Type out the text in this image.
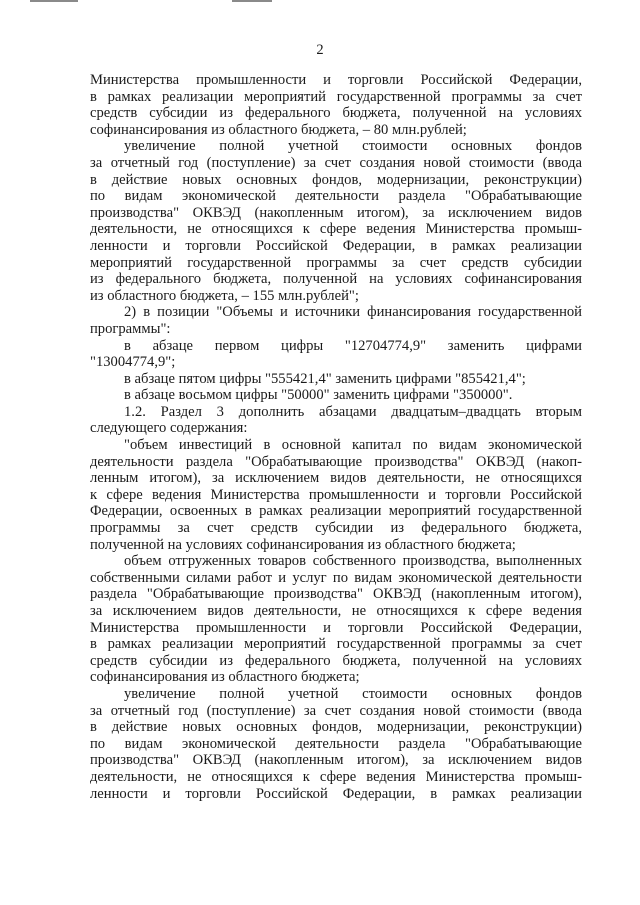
2
Министерства промышленности и торговли Российской Федерации,
в рамках реализации мероприятий государственной программы за счет
средств субсидии из федерального бюджета, полученной на условиях
софинансирования из областного бюджета, – 80 млн.рублей;
увеличение полной учетной стоимости основных фондов
за отчетный год (поступление) за счет создания новой стоимости (ввода
в действие новых основных фондов, модернизации, реконструкции)
по видам экономической деятельности раздела "Обрабатывающие
производства" ОКВЭД (накопленным итогом), за исключением видов
деятельности, не относящихся к сфере ведения Министерства промыш-
ленности и торговли Российской Федерации, в рамках реализации
мероприятий государственной программы за счет средств субсидии
из федерального бюджета, полученной на условиях софинансирования
из областного бюджета, – 155 млн.рублей";
2) в позиции "Объемы и источники финансирования государственной
программы":
в абзаце первом цифры "12704774,9" заменить цифрами
"13004774,9";
в абзаце пятом цифры "555421,4" заменить цифрами "855421,4";
в абзаце восьмом цифры "50000" заменить цифрами "350000".
1.2. Раздел 3 дополнить абзацами двадцатым–двадцать вторым
следующего содержания:
"объем инвестиций в основной капитал по видам экономической
деятельности раздела "Обрабатывающие производства" ОКВЭД (накоп-
ленным итогом), за исключением видов деятельности, не относящихся
к сфере ведения Министерства промышленности и торговли Российской
Федерации, освоенных в рамках реализации мероприятий государственной
программы за счет средств субсидии из федерального бюджета,
полученной на условиях софинансирования из областного бюджета;
объем отгруженных товаров собственного производства, выполненных
собственными силами работ и услуг по видам экономической деятельности
раздела "Обрабатывающие производства" ОКВЭД (накопленным итогом),
за исключением видов деятельности, не относящихся к сфере ведения
Министерства промышленности и торговли Российской Федерации,
в рамках реализации мероприятий государственной программы за счет
средств субсидии из федерального бюджета, полученной на условиях
софинансирования из областного бюджета;
увеличение полной учетной стоимости основных фондов
за отчетный год (поступление) за счет создания новой стоимости (ввода
в действие новых основных фондов, модернизации, реконструкции)
по видам экономической деятельности раздела "Обрабатывающие
производства" ОКВЭД (накопленным итогом), за исключением видов
деятельности, не относящихся к сфере ведения Министерства промыш-
ленности и торговли Российской Федерации, в рамках реализации
